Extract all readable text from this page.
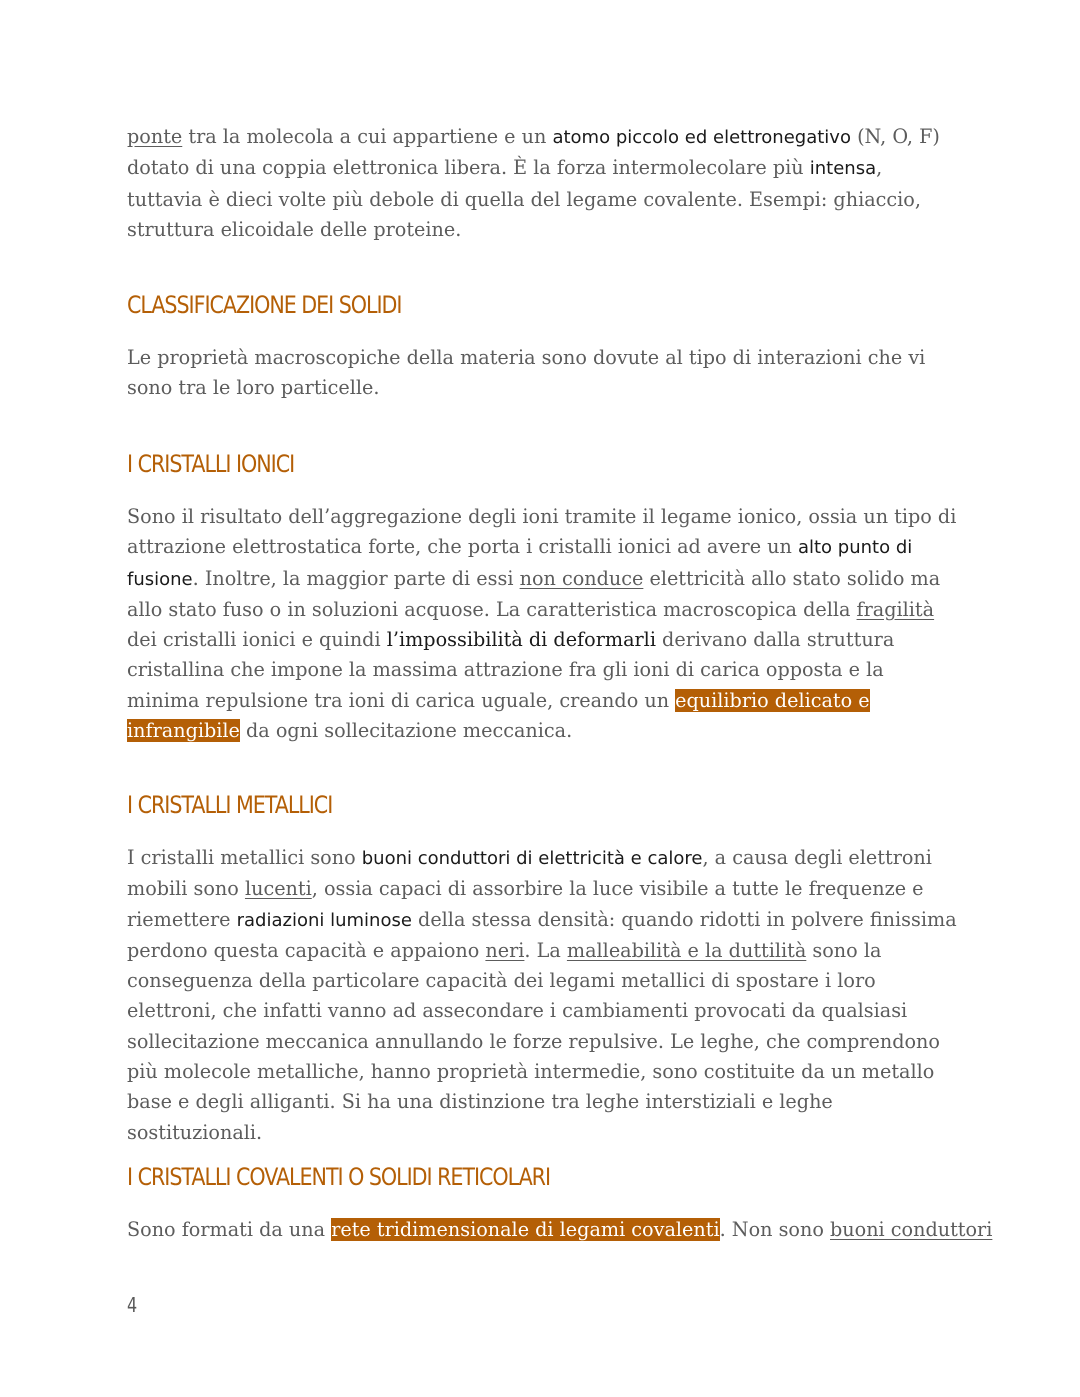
ponte tra la molecola a cui appartiene e un atomo piccolo ed elettronegativo (N, O, F) dotato di una coppia elettronica libera. È la forza intermolecolare più intensa, tuttavia è dieci volte più debole di quella del legame covalente. Esempi: ghiaccio, struttura elicoidale delle proteine.

CLASSIFICAZIONE DEI SOLIDI

Le proprietà macroscopiche della materia sono dovute al tipo di interazioni che vi sono tra le loro particelle.

I CRISTALLI IONICI

Sono il risultato dell’aggregazione degli ioni tramite il legame ionico, ossia un tipo di attrazione elettrostatica forte, che porta i cristalli ionici ad avere un alto punto di fusione. Inoltre, la maggior parte di essi non conduce elettricità allo stato solido ma allo stato fuso o in soluzioni acquose. La caratteristica macroscopica della fragilità dei cristalli ionici e quindi l’impossibilità di deformarli derivano dalla struttura cristallina che impone la massima attrazione fra gli ioni di carica opposta e la minima repulsione tra ioni di carica uguale, creando un equilibrio delicato e infrangibile da ogni sollecitazione meccanica.

I CRISTALLI METALLICI

I cristalli metallici sono buoni conduttori di elettricità e calore, a causa degli elettroni mobili sono lucenti, ossia capaci di assorbire la luce visibile a tutte le frequenze e riemettere radiazioni luminose della stessa densità: quando ridotti in polvere finissima perdono questa capacità e appaiono neri. La malleabilità e la duttilità sono la conseguenza della particolare capacità dei legami metallici di spostare i loro elettroni, che infatti vanno ad assecondare i cambiamenti provocati da qualsiasi sollecitazione meccanica annullando le forze repulsive. Le leghe, che comprendono più molecole metalliche, hanno proprietà intermedie, sono costituite da un metallo base e degli alliganti. Si ha una distinzione tra leghe interstiziali e leghe sostituzionali.

I CRISTALLI COVALENTI O SOLIDI RETICOLARI

Sono formati da una rete tridimensionale di legami covalenti. Non sono buoni conduttori

4
